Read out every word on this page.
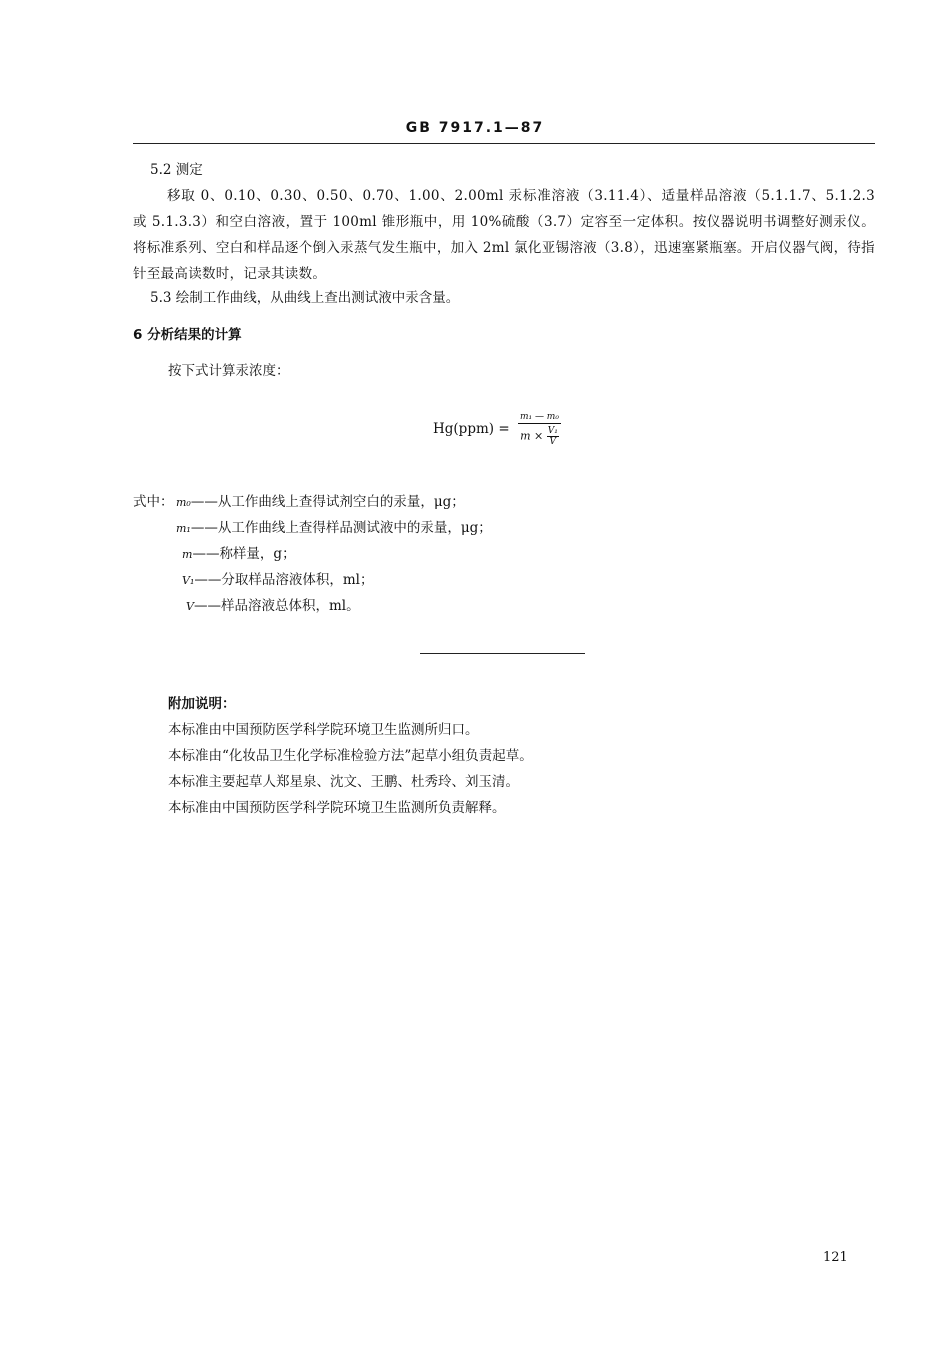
GB 7917.1—87
5.2 测定
移取 0、0.10、0.30、0.50、0.70、1.00、2.00ml 汞标准溶液（3.11.4）、适量样品溶液（5.1.1.7、5.1.2.3 或 5.1.3.3）和空白溶液，置于 100ml 锥形瓶中，用 10%硫酸（3.7）定容至一定体积。按仪器说明书调整好测汞仪。将标准系列、空白和样品逐个倒入汞蒸气发生瓶中，加入 2ml 氯化亚锡溶液（3.8），迅速塞紧瓶塞。开启仪器气阀，待指针至最高读数时，记录其读数。
5.3 绘制工作曲线，从曲线上查出测试液中汞含量。
6 分析结果的计算
按下式计算汞浓度：
$Hg(ppm) = \frac{\text{m₁ — m₀}}{m \times \frac{\text{V₁}}{V}}$
式中： m₀——从工作曲线上查得试剂空白的汞量，μg；
m₁——从工作曲线上查得样品测试液中的汞量，μg；
m——称样量，g；
V₁——分取样品溶液体积，ml；
V——样品溶液总体积，ml。
附加说明：
本标准由中国预防医学科学院环境卫生监测所归口。
本标准由“化妆品卫生化学标准检验方法”起草小组负责起草。
本标准主要起草人郑星泉、沈文、王鹏、杜秀玲、刘玉清。
本标准由中国预防医学科学院环境卫生监测所负责解释。
121
